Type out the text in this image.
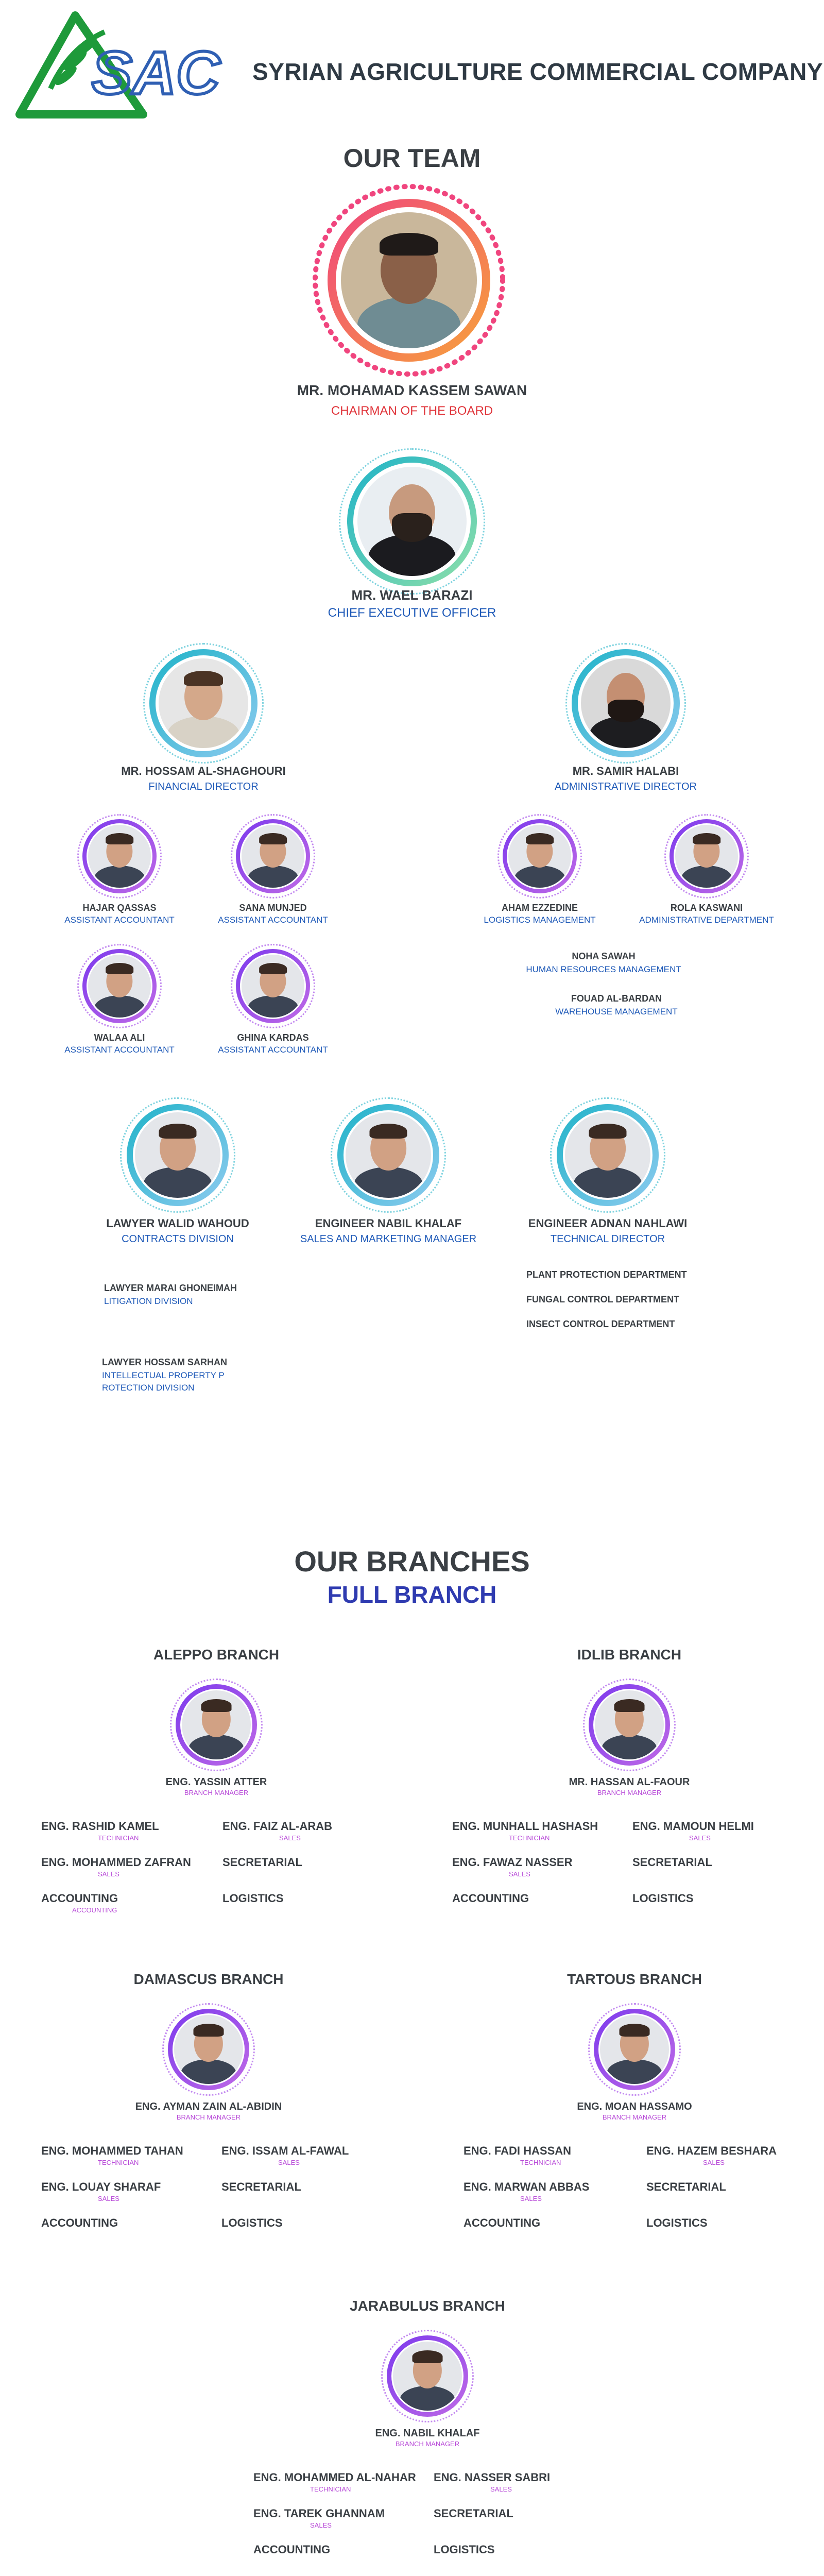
SAC SYRIAN AGRICULTURE COMMERCIAL COMPANY
OUR TEAM
MR. MOHAMAD KASSEM SAWAN
CHAIRMAN OF THE BOARD
MR. WAEL BARAZI
CHIEF EXECUTIVE OFFICER
MR. HOSSAM AL-SHAGHOURI
FINANCIAL DIRECTOR
MR. SAMIR HALABI
ADMINISTRATIVE DIRECTOR
HAJAR QASSAS
ASSISTANT ACCOUNTANT
SANA MUNJED
ASSISTANT ACCOUNTANT
WALAA ALI
ASSISTANT ACCOUNTANT
GHINA KARDAS
ASSISTANT ACCOUNTANT
AHAM EZZEDINE
LOGISTICS MANAGEMENT
ROLA KASWANI
ADMINISTRATIVE DEPARTMENT
NOHA SAWAH
HUMAN RESOURCES MANAGEMENT
FOUAD AL-BARDAN
WAREHOUSE MANAGEMENT
LAWYER WALID WAHOUD
CONTRACTS DIVISION
ENGINEER NABIL KHALAF
SALES AND MARKETING MANAGER
ENGINEER ADNAN NAHLAWI
TECHNICAL DIRECTOR
LAWYER MARAI GHONEIMAH
LITIGATION DIVISION
LAWYER HOSSAM SARHAN
INTELLECTUAL PROPERTY P
ROTECTION DIVISION
PLANT PROTECTION DEPARTMENT
FUNGAL CONTROL DEPARTMENT
INSECT CONTROL DEPARTMENT
OUR BRANCHES
FULL BRANCH
ALEPPO BRANCH
ENG. YASSIN ATTER
BRANCH MANAGER
ENG. RASHID KAMEL
TECHNICIAN
ENG. MOHAMMED ZAFRAN
SALES
ACCOUNTING
ACCOUNTING
ENG. FAIZ AL-ARAB
SALES
SECRETARIAL
LOGISTICS
IDLIB BRANCH
MR. HASSAN AL-FAOUR
BRANCH MANAGER
ENG. MUNHALL HASHASH
TECHNICIAN
ENG. FAWAZ NASSER
SALES
ACCOUNTING
ENG. MAMOUN HELMI
SALES
SECRETARIAL
LOGISTICS
DAMASCUS BRANCH
ENG. AYMAN ZAIN AL-ABIDIN
BRANCH MANAGER
ENG. MOHAMMED TAHAN
TECHNICIAN
ENG. LOUAY SHARAF
SALES
ACCOUNTING
ENG. ISSAM AL-FAWAL
SALES
SECRETARIAL
LOGISTICS
TARTOUS BRANCH
ENG. MOAN HASSAMO
BRANCH MANAGER
ENG. FADI HASSAN
TECHNICIAN
ENG. MARWAN ABBAS
SALES
ACCOUNTING
ENG. HAZEM BESHARA
SALES
SECRETARIAL
LOGISTICS
JARABULUS BRANCH
ENG. NABIL KHALAF
BRANCH MANAGER
ENG. MOHAMMED AL-NAHAR
TECHNICIAN
ENG. TAREK GHANNAM
SALES
ACCOUNTING
ENG. NASSER SABRI
SALES
SECRETARIAL
LOGISTICS
